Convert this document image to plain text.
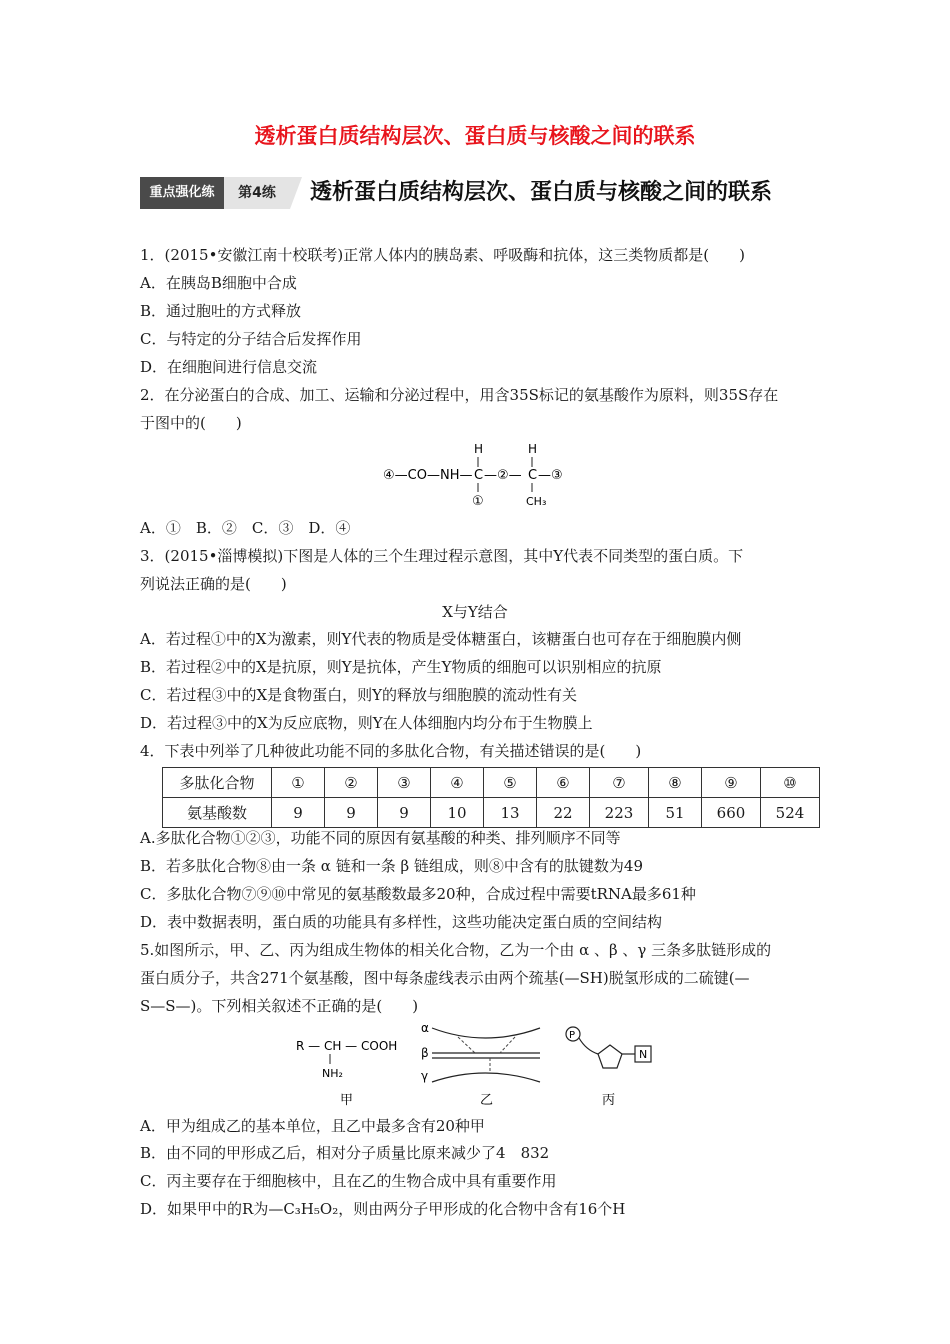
透析蛋白质结构层次、蛋白质与核酸之间的联系
重点强化练	第4练	透析蛋白质结构层次、蛋白质与核酸之间的联系
1．(2015•安徽江南十校联考)正常人体内的胰岛素、呼吸酶和抗体，这三类物质都是(　　)
A．在胰岛B细胞中合成
B．通过胞吐的方式释放
C．与特定的分子结合后发挥作用
D．在细胞间进行信息交流
2．在分泌蛋白的合成、加工、运输和分泌过程中，用含35S标记的氨基酸作为原料，则35S存在
于图中的(　　)
④—CO—NH— C —②— C —③
H	H
①	CH₃
A．①　B．②　C．③　D．④
3．(2015•淄博模拟)下图是人体的三个生理过程示意图，其中Y代表不同类型的蛋白质。下
列说法正确的是(　　)
X与Y结合
A．若过程①中的X为激素，则Y代表的物质是受体糖蛋白，该糖蛋白也可存在于细胞膜内侧
B．若过程②中的X是抗原，则Y是抗体，产生Y物质的细胞可以识别相应的抗原
C．若过程③中的X是食物蛋白，则Y的释放与细胞膜的流动性有关
D．若过程③中的X为反应底物，则Y在人体细胞内均分布于生物膜上
4．下表中列举了几种彼此功能不同的多肽化合物，有关描述错误的是(　　)
多肽化合物	①	②	③	④	⑤	⑥	⑦	⑧	⑨	⑩
氨基酸数	9	9	9	10	13	22	223	51	660	524
A.多肽化合物①②③，功能不同的原因有氨基酸的种类、排列顺序不同等
B．若多肽化合物⑧由一条 α 链和一条 β 链组成，则⑧中含有的肽键数为49
C．多肽化合物⑦⑨⑩中常见的氨基酸数最多20种，合成过程中需要tRNA最多61种
D．表中数据表明，蛋白质的功能具有多样性，这些功能决定蛋白质的空间结构
5.如图所示，甲、乙、丙为组成生物体的相关化合物，乙为一个由 α 、β 、γ 三条多肽链形成的
蛋白质分子，共含271个氨基酸，图中每条虚线表示由两个巯基(—SH)脱氢形成的二硫键(—
S—S—)。下列相关叙述不正确的是(　　)
R — CH — COOH
NH₂
甲
α
β
γ
乙
P
N
丙
A．甲为组成乙的基本单位，且乙中最多含有20种甲
B．由不同的甲形成乙后，相对分子质量比原来减少了4　832
C．丙主要存在于细胞核中，且在乙的生物合成中具有重要作用
D．如果甲中的R为—C₃H₅O₂，则由两分子甲形成的化合物中含有16个H
